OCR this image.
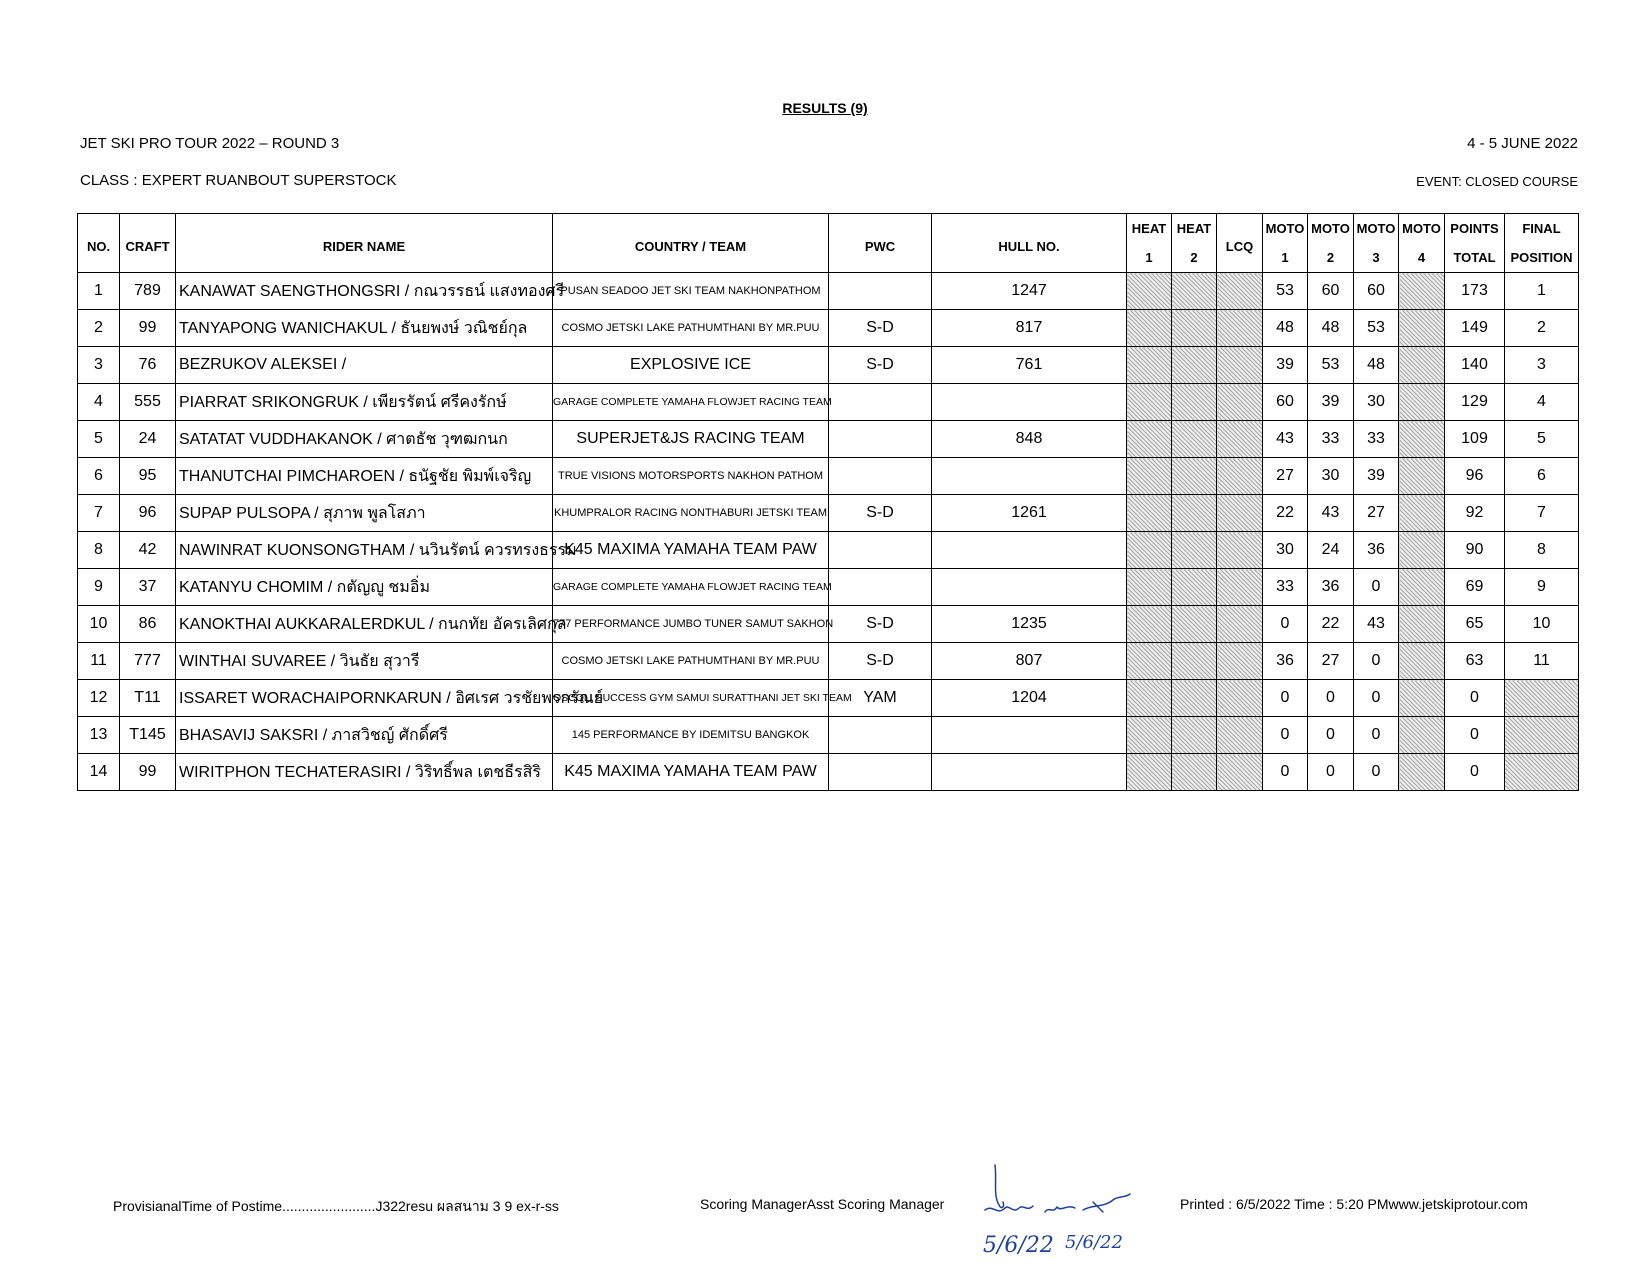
RESULTS (9)
JET SKI PRO TOUR 2022 – ROUND 3	4 - 5 JUNE 2022
CLASS : EXPERT RUANBOUT SUPERSTOCK	EVENT: CLOSED COURSE
NO.	CRAFT	RIDER NAME	COUNTRY / TEAM	PWC	HULL NO.	HEAT	HEAT	LCQ	MOTO	MOTO	MOTO	MOTO	POINTS	FINAL
						1	2		1	2	3	4	TOTAL	POSITION
1	789	KANAWAT SAENGTHONGSRI / กณวรรธน์ แสงทองศรี	PUSAN SEADOO JET SKI TEAM NAKHONPATHOM		1247				53	60	60		173	1
2	99	TANYAPONG WANICHAKUL / ธันยพงษ์ วณิชย์กุล	COSMO JETSKI LAKE PATHUMTHANI BY MR.PUU	S-D	817				48	48	53		149	2
3	76	BEZRUKOV ALEKSEI /	EXPLOSIVE ICE	S-D	761				39	53	48		140	3
4	555	PIARRAT SRIKONGRUK / เพียรรัตน์ ศรีคงรักษ์	GARAGE COMPLETE YAMAHA FLOWJET RACING TEAM						60	39	30		129	4
5	24	SATATAT VUDDHAKANOK / ศาตธัช วุฑฒกนก	SUPERJET&JS RACING TEAM		848				43	33	33		109	5
6	95	THANUTCHAI PIMCHAROEN / ธนัฐชัย พิมพ์เจริญ	TRUE VISIONS MOTORSPORTS NAKHON PATHOM						27	30	39		96	6
7	96	SUPAP PULSOPA / สุภาพ พูลโสภา	KHUMPRALOR RACING NONTHABURI JETSKI TEAM	S-D	1261				22	43	27		92	7
8	42	NAWINRAT KUONSONGTHAM / นวินรัตน์ ควรทรงธรรม	K45 MAXIMA YAMAHA TEAM PAW						30	24	36		90	8
9	37	KATANYU CHOMIM / กตัญญู ชมอิ่ม	GARAGE COMPLETE YAMAHA FLOWJET RACING TEAM						33	36	0		69	9
10	86	KANOKTHAI AUKKARALERDKUL / กนกทัย อัครเลิศกุล	777 PERFORMANCE JUMBO TUNER SAMUT SAKHON	S-D	1235				0	22	43		65	10
11	777	WINTHAI SUVAREE / วินธัย สุวารี	COSMO JETSKI LAKE PATHUMTHANI BY MR.PUU	S-D	807				36	27	0		63	11
12	T11	ISSARET WORACHAIPORNKARUN / อิศเรศ วรชัยพรกรัณย์	OSCOLI SUCCESS GYM SAMUI SURATTHANI JET SKI TEAM	YAM	1204				0	0	0		0	
13	T145	BHASAVIJ SAKSRI / ภาสวิชญ์ ศักดิ์ศรี	145 PERFORMANCE BY IDEMITSU BANGKOK						0	0	0		0	
14	99	WIRITPHON TECHATERASIRI / วิริทธิ์พล เตชธีรสิริ	K45 MAXIMA YAMAHA TEAM PAW						0	0	0		0	
ProvisianalTime of Postime........................J322resu ผลสนาม 3 9 ex-r-ss	Scoring ManagerAsst Scoring Manager	Printed : 6/5/2022 Time : 5:20 PMwww.jetskiprotour.com
5/6/22 5/6/22
